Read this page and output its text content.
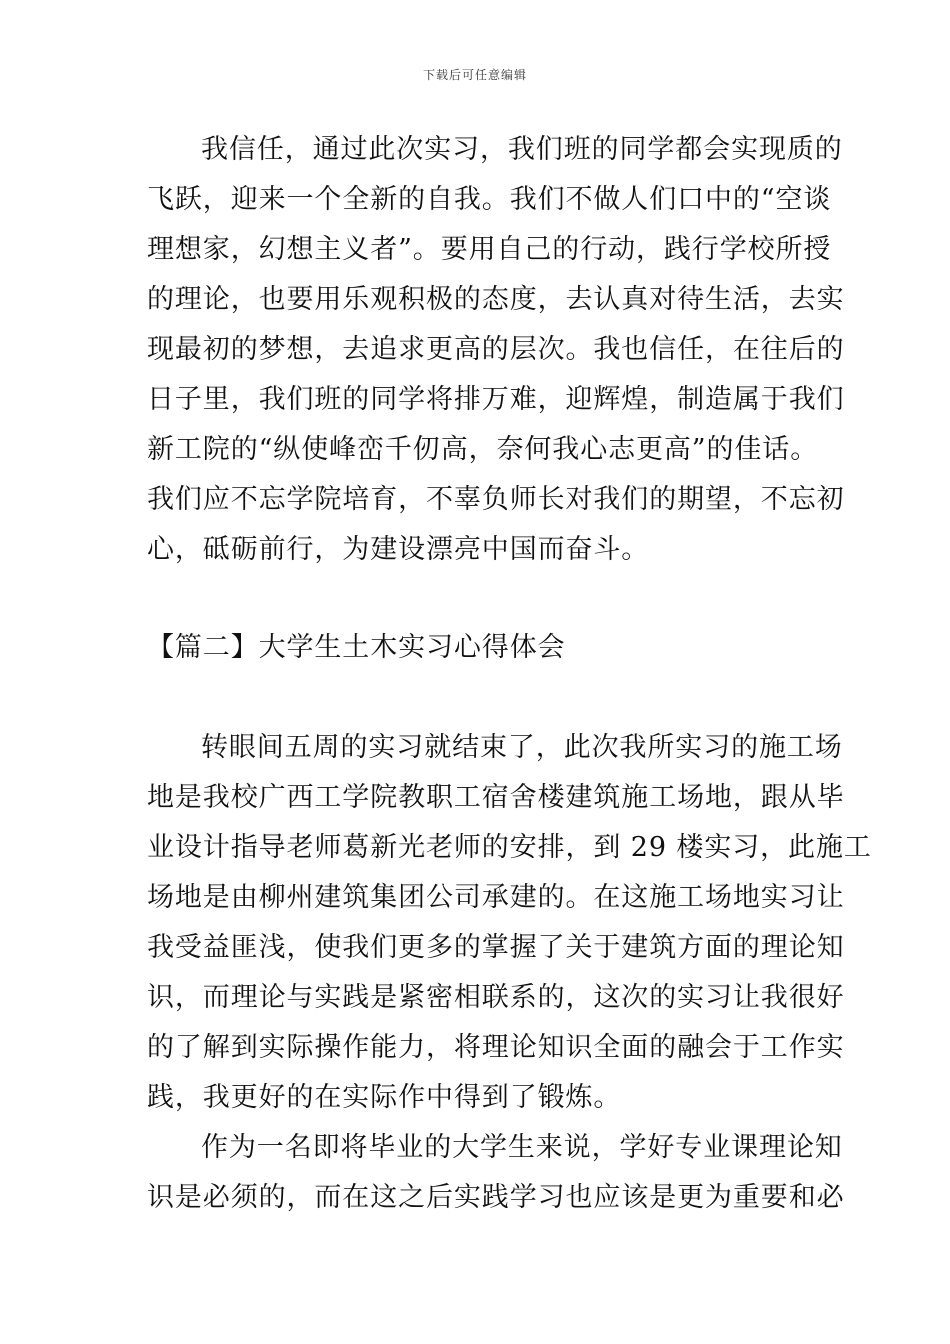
下载后可任意编辑
我信任，通过此次实习，我们班的同学都会实现质的
飞跃，迎来一个全新的自我。我们不做人们口中的“空谈
理想家，幻想主义者”。要用自己的行动，践行学校所授
的理论，也要用乐观积极的态度，去认真对待生活，去实
现最初的梦想，去追求更高的层次。我也信任，在往后的
日子里，我们班的同学将排万难，迎辉煌，制造属于我们
新工院的“纵使峰峦千仞高，奈何我心志更高”的佳话。
我们应不忘学院培育，不辜负师长对我们的期望，不忘初
心，砥砺前行，为建设漂亮中国而奋斗。
【篇二】大学生土木实习心得体会
转眼间五周的实习就结束了，此次我所实习的施工场
地是我校广西工学院教职工宿舍楼建筑施工场地，跟从毕
业设计指导老师葛新光老师的安排，到 29 楼实习，此施工
场地是由柳州建筑集团公司承建的。在这施工场地实习让
我受益匪浅，使我们更多的掌握了关于建筑方面的理论知
识，而理论与实践是紧密相联系的，这次的实习让我很好
的了解到实际操作能力，将理论知识全面的融会于工作实
践，我更好的在实际作中得到了锻炼。
作为一名即将毕业的大学生来说，学好专业课理论知
识是必须的，而在这之后实践学习也应该是更为重要和必
